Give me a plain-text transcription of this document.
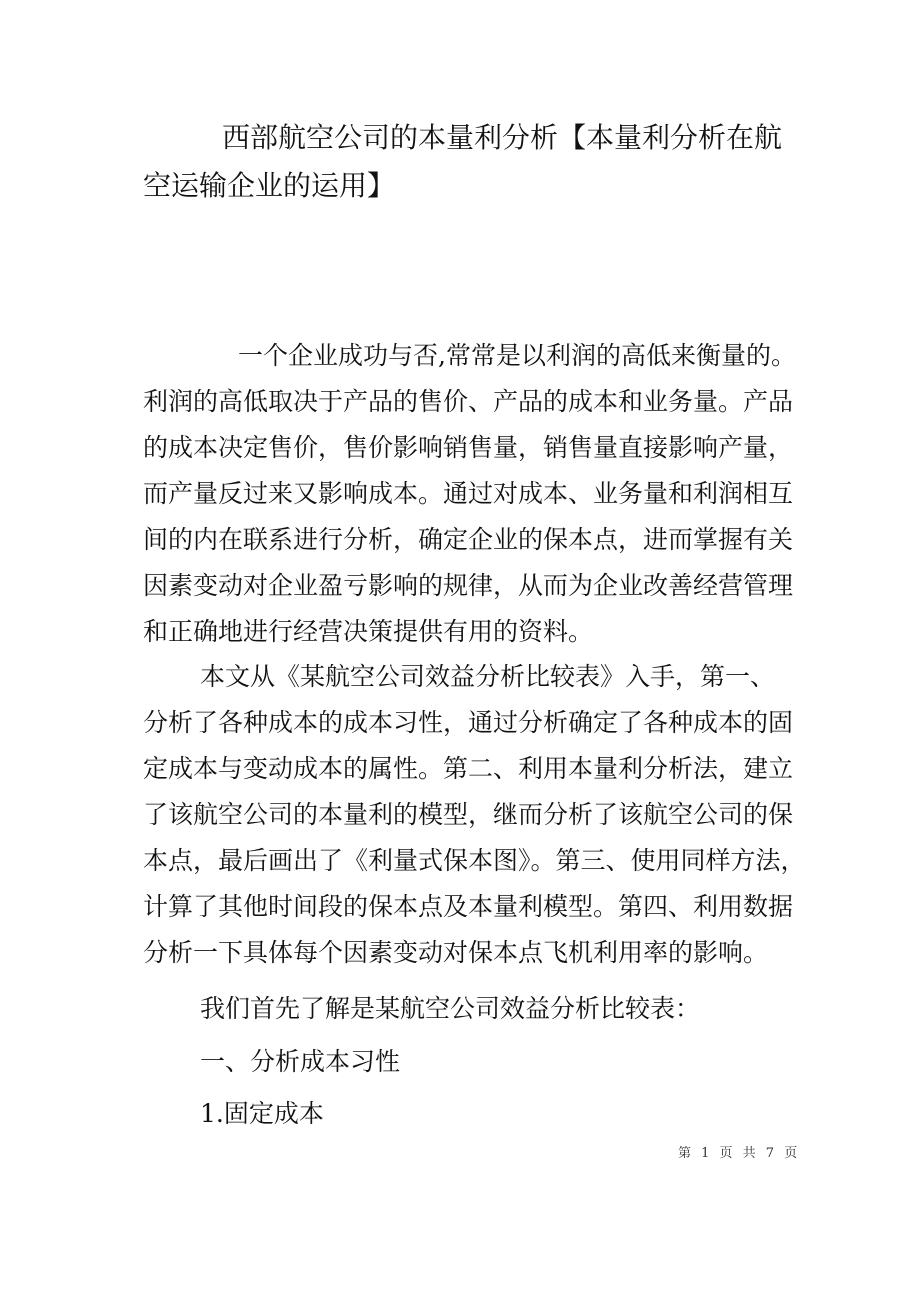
西部航空公司的本量利分析【本量利分析在航
空运输企业的运用】
一个企业成功与否,常常是以利润的高低来衡量的。
利润的高低取决于产品的售价、产品的成本和业务量。产品
的成本决定售价，售价影响销售量，销售量直接影响产量，
而产量反过来又影响成本。通过对成本、业务量和利润相互
间的内在联系进行分析，确定企业的保本点，进而掌握有关
因素变动对企业盈亏影响的规律，从而为企业改善经营管理
和正确地进行经营决策提供有用的资料。
本文从《某航空公司效益分析比较表》入手，第一、
分析了各种成本的成本习性，通过分析确定了各种成本的固
定成本与变动成本的属性。第二、利用本量利分析法，建立
了该航空公司的本量利的模型，继而分析了该航空公司的保
本点，最后画出了《利量式保本图》。第三、使用同样方法，
计算了其他时间段的保本点及本量利模型。第四、利用数据
分析一下具体每个因素变动对保本点飞机利用率的影响。
我们首先了解是某航空公司效益分析比较表：
一、分析成本习性
1.固定成本
第 1 页 共 7 页
